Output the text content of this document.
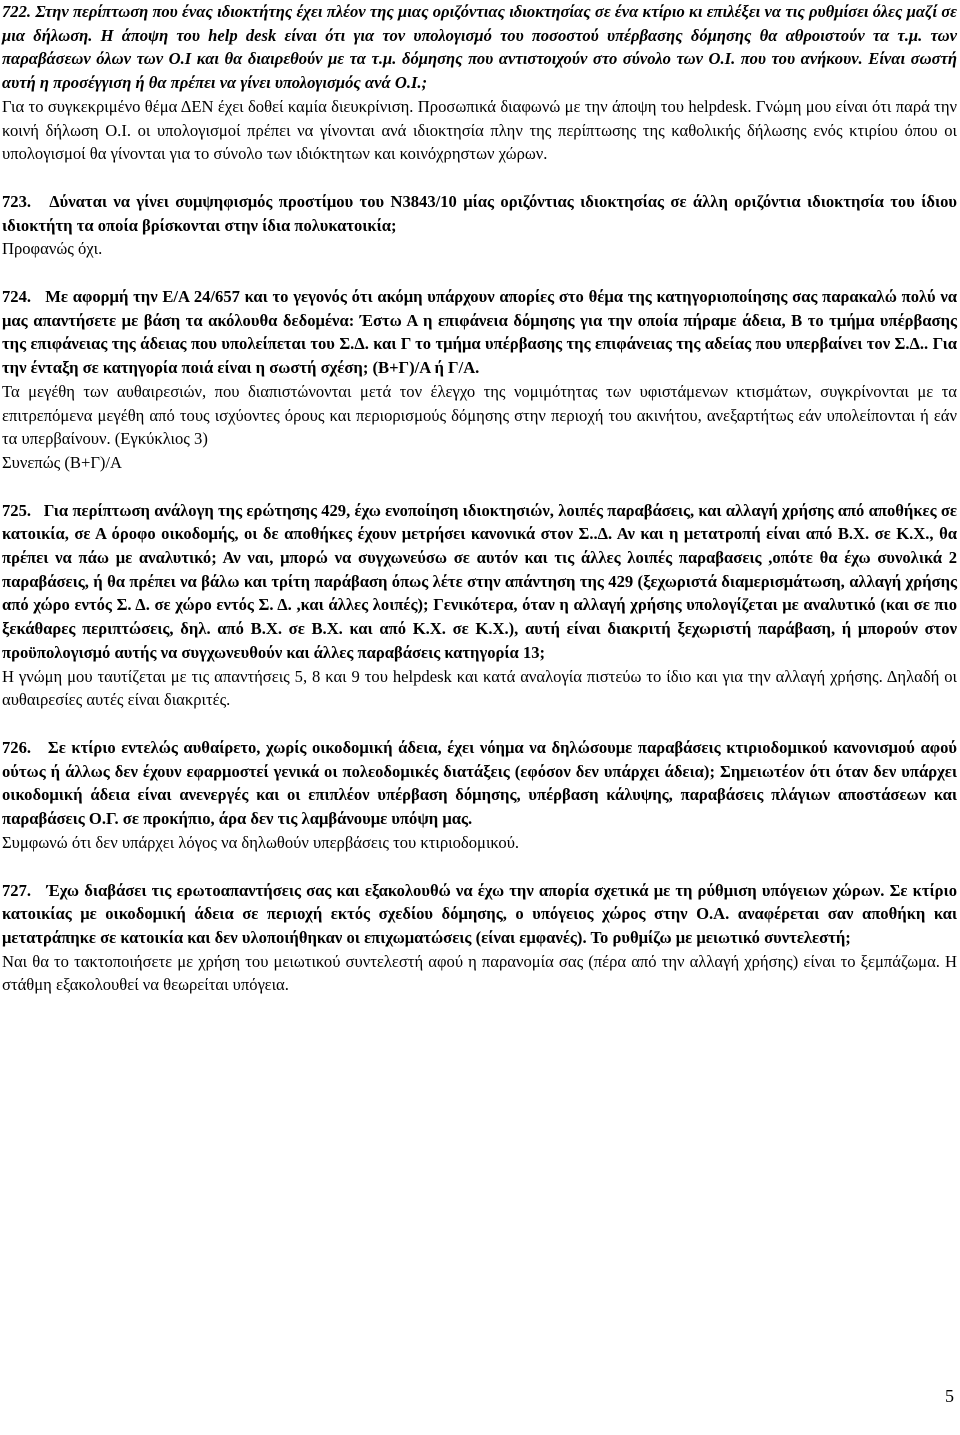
722. Στην περίπτωση που ένας ιδιοκτήτης έχει πλέον της μιας οριζόντιας ιδιοκτησίας σε ένα κτίριο κι επιλέξει να τις ρυθμίσει όλες μαζί σε μια δήλωση. Η άποψη του help desk είναι ότι για τον υπολογισμό του ποσοστού υπέρβασης δόμησης θα αθροιστούν τα τ.μ. των παραβάσεων όλων των Ο.Ι και θα διαιρεθούν με τα τ.μ. δόμησης που αντιστοιχούν στο σύνολο των Ο.Ι. που του ανήκουν. Είναι σωστή αυτή η προσέγγιση ή θα πρέπει να γίνει υπολογισμός ανά Ο.Ι.;

Για το συγκεκριμένο θέμα ΔΕΝ έχει δοθεί καμία διευκρίνιση. Προσωπικά διαφωνώ με την άποψη του helpdesk. Γνώμη μου είναι ότι παρά την κοινή δήλωση Ο.Ι. οι υπολογισμοί πρέπει να γίνονται ανά ιδιοκτησία πλην της περίπτωσης της καθολικής δήλωσης ενός κτιρίου όπου οι υπολογισμοί θα γίνονται για το σύνολο των ιδιόκτητων και κοινόχρηστων χώρων.

723. Δύναται να γίνει συμψηφισμός προστίμου του Ν3843/10 μίας οριζόντιας ιδιοκτησίας σε άλλη οριζόντια ιδιοκτησία του ίδιου ιδιοκτήτη τα οποία βρίσκονται στην ίδια πολυκατοικία;

Προφανώς όχι.

724. Με αφορμή την Ε/Α 24/657 και το γεγονός ότι ακόμη υπάρχουν απορίες στο θέμα της κατηγοριοποίησης σας παρακαλώ πολύ να μας απαντήσετε με βάση τα ακόλουθα δεδομένα: Έστω Α η επιφάνεια δόμησης για την οποία πήραμε άδεια, Β το τμήμα υπέρβασης της επιφάνειας της άδειας που υπολείπεται του Σ.Δ. και Γ το τμήμα υπέρβασης της επιφάνειας της αδείας που υπερβαίνει τον Σ.Δ.. Για την ένταξη σε κατηγορία ποιά είναι η σωστή σχέση; (Β+Γ)/Α ή Γ/Α.

Τα μεγέθη των αυθαιρεσιών, που διαπιστώνονται μετά τον έλεγχο της νομιμότητας των υφιστάμενων κτισμάτων, συγκρίνονται με τα επιτρεπόμενα μεγέθη από τους ισχύοντες όρους και περιορισμούς δόμησης στην περιοχή του ακινήτου, ανεξαρτήτως εάν υπολείπονται ή εάν τα υπερβαίνουν. (Εγκύκλιος 3)

Συνεπώς (Β+Γ)/Α

725. Για περίπτωση ανάλογη της ερώτησης 429, έχω ενοποίηση ιδιοκτησιών, λοιπές παραβάσεις, και αλλαγή χρήσης από αποθήκες σε κατοικία, σε Α όροφο οικοδομής, οι δε αποθήκες έχουν μετρήσει κανονικά στον Σ..Δ. Αν και η μετατροπή είναι από Β.Χ. σε Κ.Χ., θα πρέπει να πάω με αναλυτικό; Αν ναι, μπορώ να συγχωνεύσω σε αυτόν και τις άλλες λοιπές παραβασεις ,οπότε θα έχω συνολικά 2 παραβάσεις, ή θα πρέπει να βάλω και τρίτη παράβαση όπως λέτε στην απάντηση της 429 (ξεχωριστά διαμερισμάτωση, αλλαγή χρήσης από χώρο εντός Σ. Δ. σε χώρο εντός Σ. Δ. ,και άλλες λοιπές); Γενικότερα, όταν η αλλαγή χρήσης υπολογίζεται με αναλυτικό (και σε πιο ξεκάθαρες περιπτώσεις, δηλ. από Β.Χ. σε Β.Χ. και από Κ.Χ. σε Κ.Χ.), αυτή είναι διακριτή ξεχωριστή παράβαση, ή μπορούν στον προϋπολογισμό αυτής να συγχωνευθούν και άλλες παραβάσεις κατηγορία 13;

Η γνώμη μου ταυτίζεται με τις απαντήσεις 5, 8 και 9 του helpdesk και κατά αναλογία πιστεύω το ίδιο και για την αλλαγή χρήσης. Δηλαδή οι αυθαιρεσίες αυτές είναι διακριτές.

726. Σε κτίριο εντελώς αυθαίρετο, χωρίς οικοδομική άδεια, έχει νόημα να δηλώσουμε παραβάσεις κτιριοδομικού κανονισμού αφού ούτως ή άλλως δεν έχουν εφαρμοστεί γενικά οι πολεοδομικές διατάξεις (εφόσον δεν υπάρχει άδεια); Σημειωτέον ότι όταν δεν υπάρχει οικοδομική άδεια είναι ανενεργές και οι επιπλέον υπέρβαση δόμησης, υπέρβαση κάλυψης, παραβάσεις πλάγιων αποστάσεων και παραβάσεις Ο.Γ. σε προκήπιο, άρα δεν τις λαμβάνουμε υπόψη μας.

Συμφωνώ ότι δεν υπάρχει λόγος να δηλωθούν υπερβάσεις του κτιριοδομικού.

727. Έχω διαβάσει τις ερωτοαπαντήσεις σας και εξακολουθώ να έχω την απορία σχετικά με τη ρύθμιση υπόγειων χώρων. Σε κτίριο κατοικίας με οικοδομική άδεια σε περιοχή εκτός σχεδίου δόμησης, ο υπόγειος χώρος στην Ο.Α. αναφέρεται σαν αποθήκη και μετατράπηκε σε κατοικία και δεν υλοποιήθηκαν οι επιχωματώσεις (είναι εμφανές). Το ρυθμίζω με μειωτικό συντελεστή;

Ναι θα το τακτοποιήσετε με χρήση του μειωτικού συντελεστή αφού η παρανομία σας (πέρα από την αλλαγή χρήσης) είναι το ξεμπάζωμα. Η στάθμη εξακολουθεί να θεωρείται υπόγεια.

5
